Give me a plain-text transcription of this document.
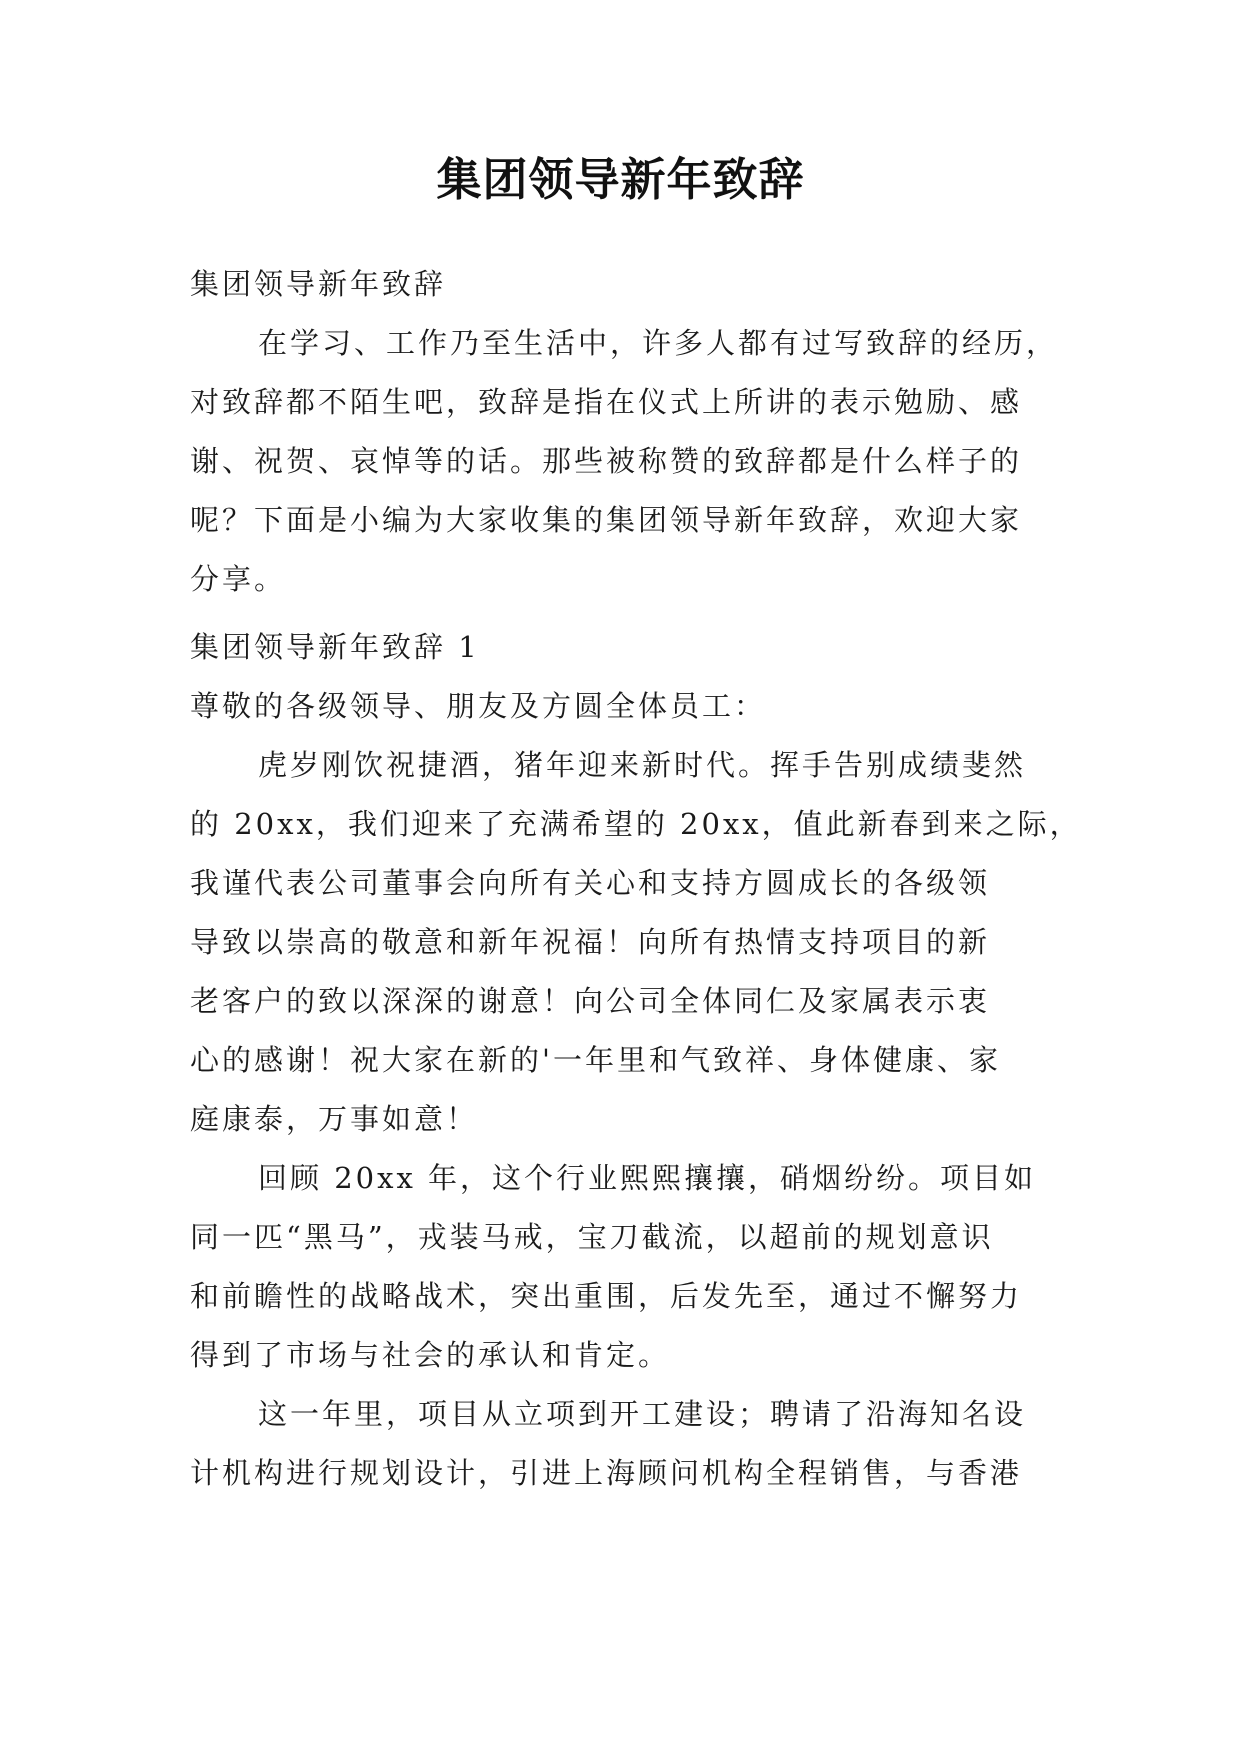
集团领导新年致辞
集团领导新年致辞
在学习、工作乃至生活中，许多人都有过写致辞的经历，
对致辞都不陌生吧，致辞是指在仪式上所讲的表示勉励、感
谢、祝贺、哀悼等的话。那些被称赞的致辞都是什么样子的
呢？下面是小编为大家收集的集团领导新年致辞，欢迎大家
分享。
集团领导新年致辞 1
尊敬的各级领导、朋友及方圆全体员工：
虎岁刚饮祝捷酒，猪年迎来新时代。挥手告别成绩斐然
的 20xx，我们迎来了充满希望的 20xx，值此新春到来之际，
我谨代表公司董事会向所有关心和支持方圆成长的各级领
导致以崇高的敬意和新年祝福！向所有热情支持项目的新
老客户的致以深深的谢意！向公司全体同仁及家属表示衷
心的感谢！祝大家在新的'一年里和气致祥、身体健康、家
庭康泰，万事如意！
回顾 20xx 年，这个行业熙熙攘攘，硝烟纷纷。项目如
同一匹“黑马”，戎装马戒，宝刀截流，以超前的规划意识
和前瞻性的战略战术，突出重围，后发先至，通过不懈努力
得到了市场与社会的承认和肯定。
这一年里，项目从立项到开工建设；聘请了沿海知名设
计机构进行规划设计，引进上海顾问机构全程销售，与香港
